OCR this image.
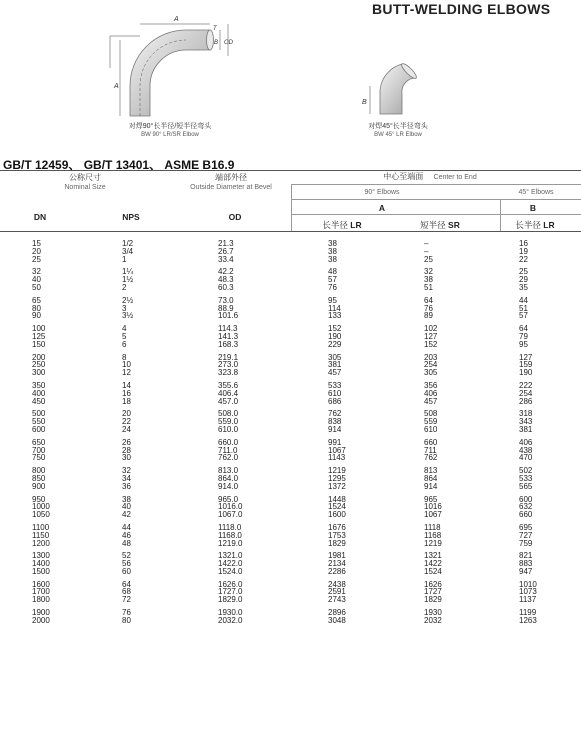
BUTT-WELDING ELBOWS
A
T
B OD
A
对焊90°长半径/短半径弯头
BW 90° LR/SR Elbow
B
对焊45°长半径弯头
BW 45° LR Elbow
GB/T 12459、 GB/T 13401、 ASME B16.9
公称尺寸
Nominal Size
端部外径
Outside Diameter at Bevel
中心至端面 Center to End
90° Elbows	45° Elbows
A	B
DN	NPS	OD
长半径 LR	短半径 SR	长半径 LR
15	1/2	21.3	38	–	16
20	3/4	26.7	38	–	19
25	1	33.4	38	25	22
32	1¼	42.2	48	32	25
40	1½	48.3	57	38	29
50	2	60.3	76	51	35
65	2½	73.0	95	64	44
80	3	88.9	114	76	51
90	3½	101.6	133	89	57
100	4	114.3	152	102	64
125	5	141.3	190	127	79
150	6	168.3	229	152	95
200	8	219.1	305	203	127
250	10	273.0	381	254	159
300	12	323.8	457	305	190
350	14	355.6	533	356	222
400	16	406.4	610	406	254
450	18	457.0	686	457	286
500	20	508.0	762	508	318
550	22	559.0	838	559	343
600	24	610.0	914	610	381
650	26	660.0	991	660	406
700	28	711.0	1067	711	438
750	30	762.0	1143	762	470
800	32	813.0	1219	813	502
850	34	864.0	1295	864	533
900	36	914.0	1372	914	565
950	38	965.0	1448	965	600
1000	40	1016.0	1524	1016	632
1050	42	1067.0	1600	1067	660
1100	44	1118.0	1676	1118	695
1150	46	1168.0	1753	1168	727
1200	48	1219.0	1829	1219	759
1300	52	1321.0	1981	1321	821
1400	56	1422.0	2134	1422	883
1500	60	1524.0	2286	1524	947
1600	64	1626.0	2438	1626	1010
1700	68	1727.0	2591	1727	1073
1800	72	1829.0	2743	1829	1137
1900	76	1930.0	2896	1930	1199
2000	80	2032.0	3048	2032	1263
